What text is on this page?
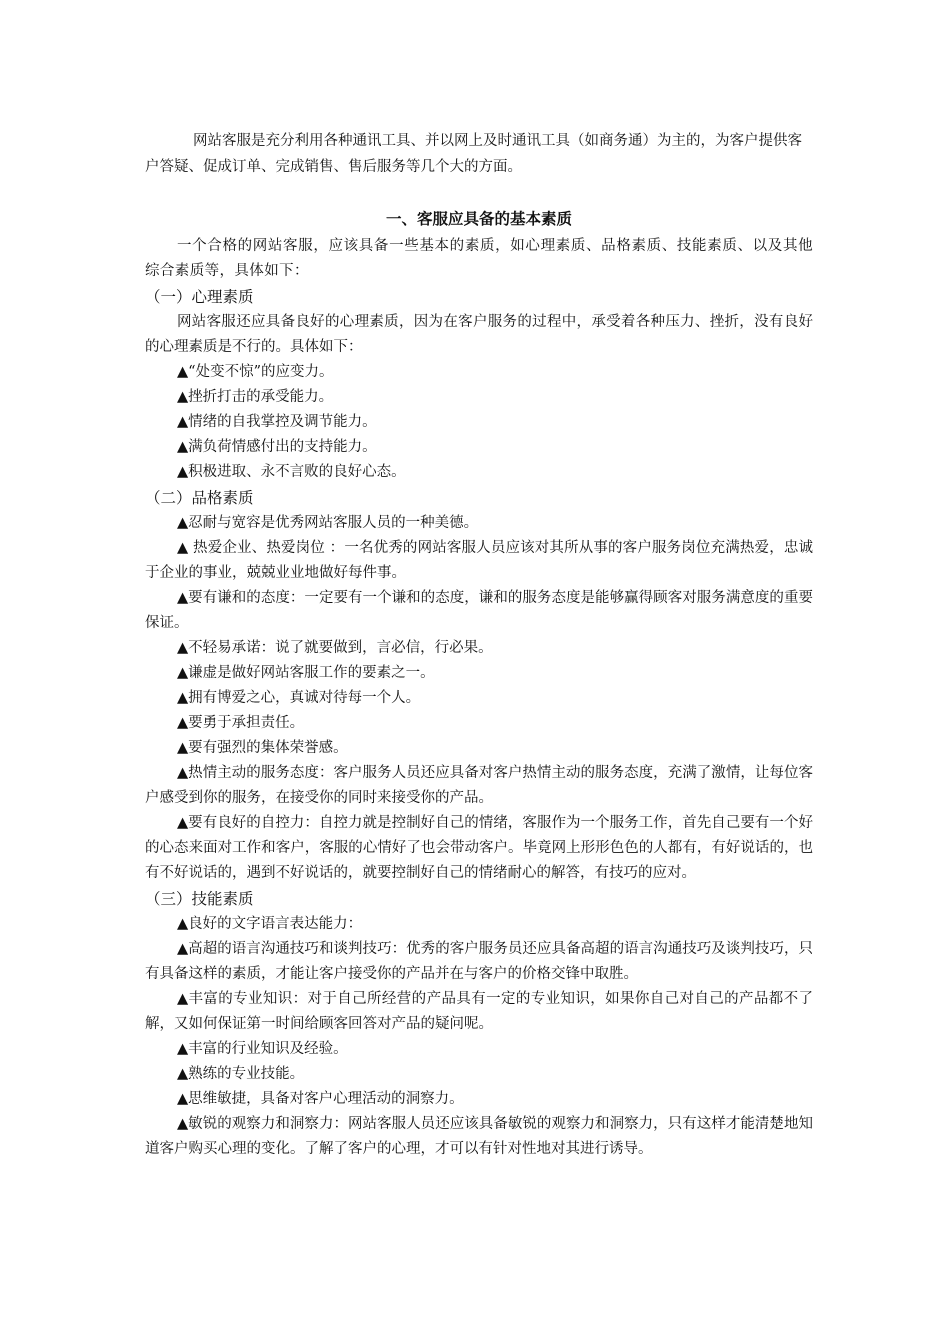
网站客服是充分利用各种通讯工具、并以网上及时通讯工具（如商务通）为主的，为客户提供客户答疑、促成订单、完成销售、售后服务等几个大的方面。

一、客服应具备的基本素质

一个合格的网站客服，应该具备一些基本的素质，如心理素质、品格素质、技能素质、以及其他综合素质等，具体如下：

（一）心理素质

网站客服还应具备良好的心理素质，因为在客户服务的过程中，承受着各种压力、挫折，没有良好的心理素质是不行的。具体如下：

▲“处变不惊”的应变力。

▲挫折打击的承受能力。

▲情绪的自我掌控及调节能力。

▲满负荷情感付出的支持能力。

▲积极进取、永不言败的良好心态。

（二）品格素质

▲忍耐与宽容是优秀网站客服人员的一种美德。

▲ 热爱企业、热爱岗位 ：一名优秀的网站客服人员应该对其所从事的客户服务岗位充满热爱，忠诚于企业的事业，兢兢业业地做好每件事。

▲要有谦和的态度：一定要有一个谦和的态度，谦和的服务态度是能够赢得顾客对服务满意度的重要保证。

▲不轻易承诺：说了就要做到，言必信，行必果。

▲谦虚是做好网站客服工作的要素之一。

▲拥有博爱之心，真诚对待每一个人。

▲要勇于承担责任。

▲要有强烈的集体荣誉感。

▲热情主动的服务态度：客户服务人员还应具备对客户热情主动的服务态度，充满了激情，让每位客户感受到你的服务，在接受你的同时来接受你的产品。

▲要有良好的自控力：自控力就是控制好自己的情绪，客服作为一个服务工作，首先自己要有一个好的心态来面对工作和客户，客服的心情好了也会带动客户。毕竟网上形形色色的人都有，有好说话的，也有不好说话的，遇到不好说话的，就要控制好自己的情绪耐心的解答，有技巧的应对。

（三）技能素质

▲良好的文字语言表达能力：

▲高超的语言沟通技巧和谈判技巧：优秀的客户服务员还应具备高超的语言沟通技巧及谈判技巧，只有具备这样的素质，才能让客户接受你的产品并在与客户的价格交锋中取胜。

▲丰富的专业知识：对于自己所经营的产品具有一定的专业知识，如果你自己对自己的产品都不了解，又如何保证第一时间给顾客回答对产品的疑问呢。

▲丰富的行业知识及经验。

▲熟练的专业技能。

▲思维敏捷，具备对客户心理活动的洞察力。

▲敏锐的观察力和洞察力：网站客服人员还应该具备敏锐的观察力和洞察力，只有这样才能清楚地知道客户购买心理的变化。了解了客户的心理，才可以有针对性地对其进行诱导。
